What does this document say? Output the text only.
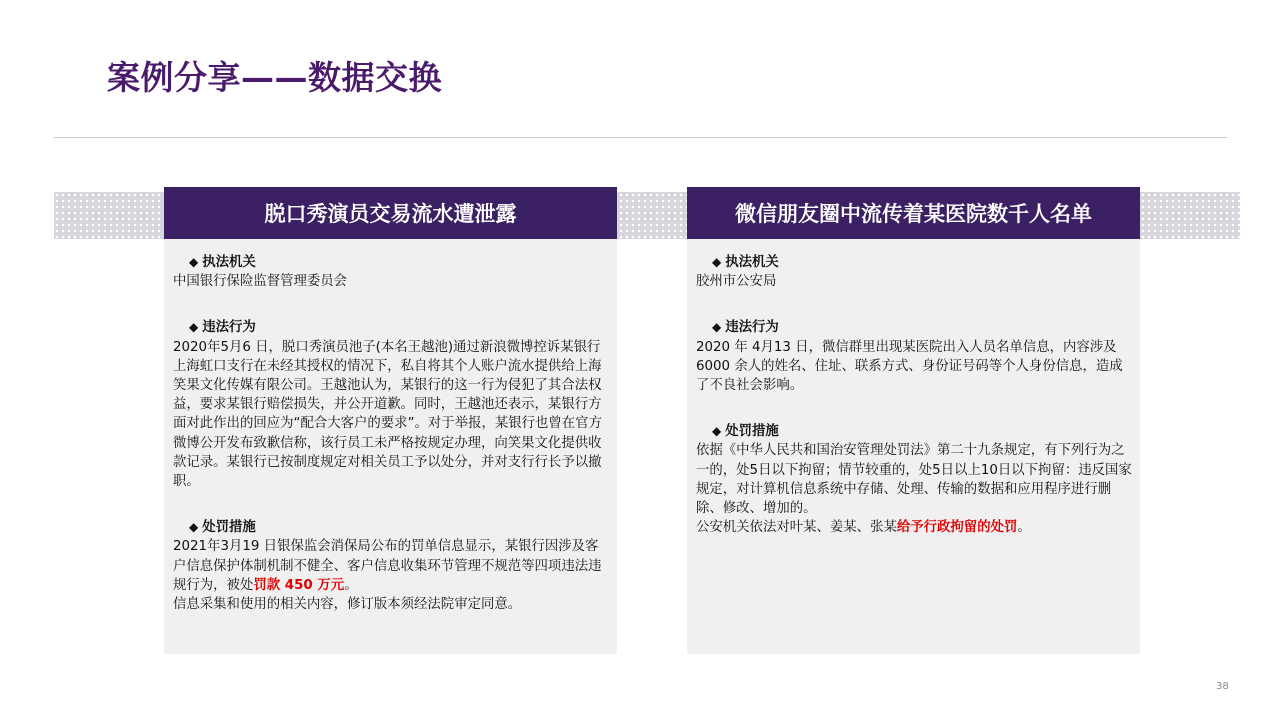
案例分享——数据交换
脱口秀演员交易流水遭泄露
◆ 执法机关
中国银行保险监督管理委员会
◆ 违法行为
2020年5月6 日，脱口秀演员池子(本名王越池)通过新浪微博控诉某银行上海虹口支行在未经其授权的情况下，私自将其个人账户流水提供给上海笑果文化传媒有限公司。王越池认为，某银行的这一行为侵犯了其合法权益，要求某银行赔偿损失，并公开道歉。同时，王越池还表示，某银行方面对此作出的回应为“配合大客户的要求”。对于举报，某银行也曾在官方微博公开发布致歉信称，该行员工未严格按规定办理，向笑果文化提供收款记录。某银行已按制度规定对相关员工予以处分，并对支行行长予以撤职。
◆ 处罚措施
2021年3月19 日银保监会消保局公布的罚单信息显示，某银行因涉及客户信息保护体制机制不健全、客户信息收集环节管理不规范等四项违法违规行为，被处罚款 450 万元。
信息采集和使用的相关内容，修订版本须经法院审定同意。
微信朋友圈中流传着某医院数千人名单
◆ 执法机关
胶州市公安局
◆ 违法行为
2020 年 4月13 日，微信群里出现某医院出入人员名单信息，内容涉及 6000 余人的姓名、住址、联系方式、身份证号码等个人身份信息，造成了不良社会影响。
◆ 处罚措施
依据《中华人民共和国治安管理处罚法》第二十九条规定，有下列行为之一的，处5日以下拘留；情节较重的，处5日以上10日以下拘留：违反国家规定，对计算机信息系统中存储、处理、传输的数据和应用程序进行删除、修改、增加的。
公安机关依法对叶某、姜某、张某给予行政拘留的处罚。
38
